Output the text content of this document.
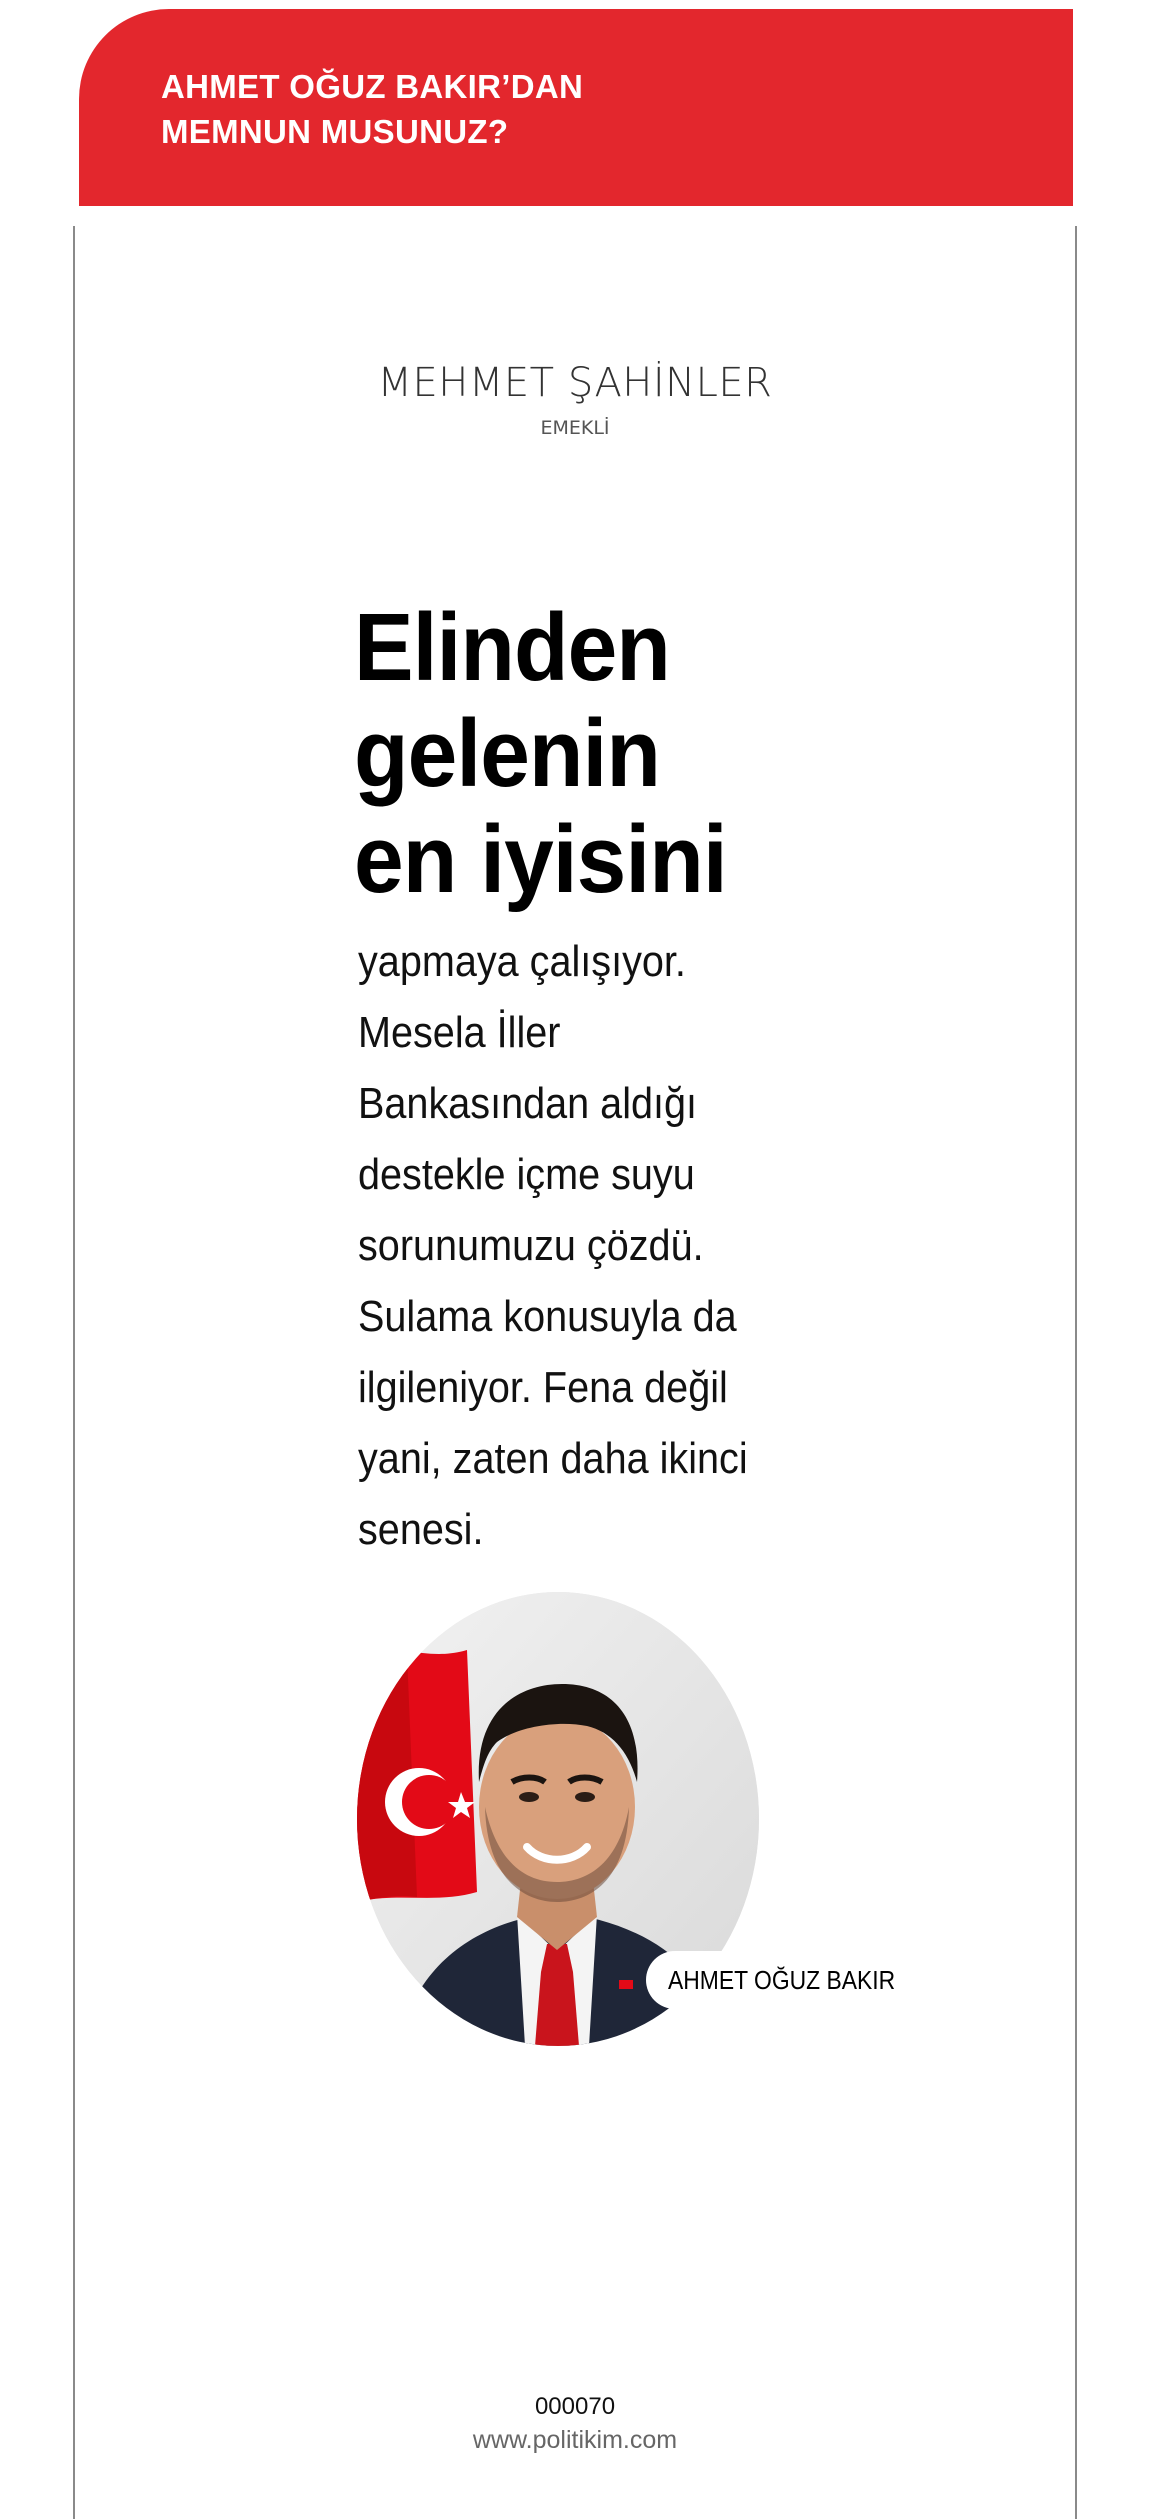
AHMET OĞUZ BAKIR’DAN
MEMNUN MUSUNUZ?
MEHMET ŞAHİNLER
EMEKLİ
Elinden
gelenin
en iyisini
yapmaya çalışıyor.
Mesela İller
Bankasından aldığı
destekle içme suyu
sorunumuzu çözdü.
Sulama konusuyla da
ilgileniyor. Fena değil
yani, zaten daha ikinci
senesi.
AHMET OĞUZ BAKIR
000070
www.politikim.com
